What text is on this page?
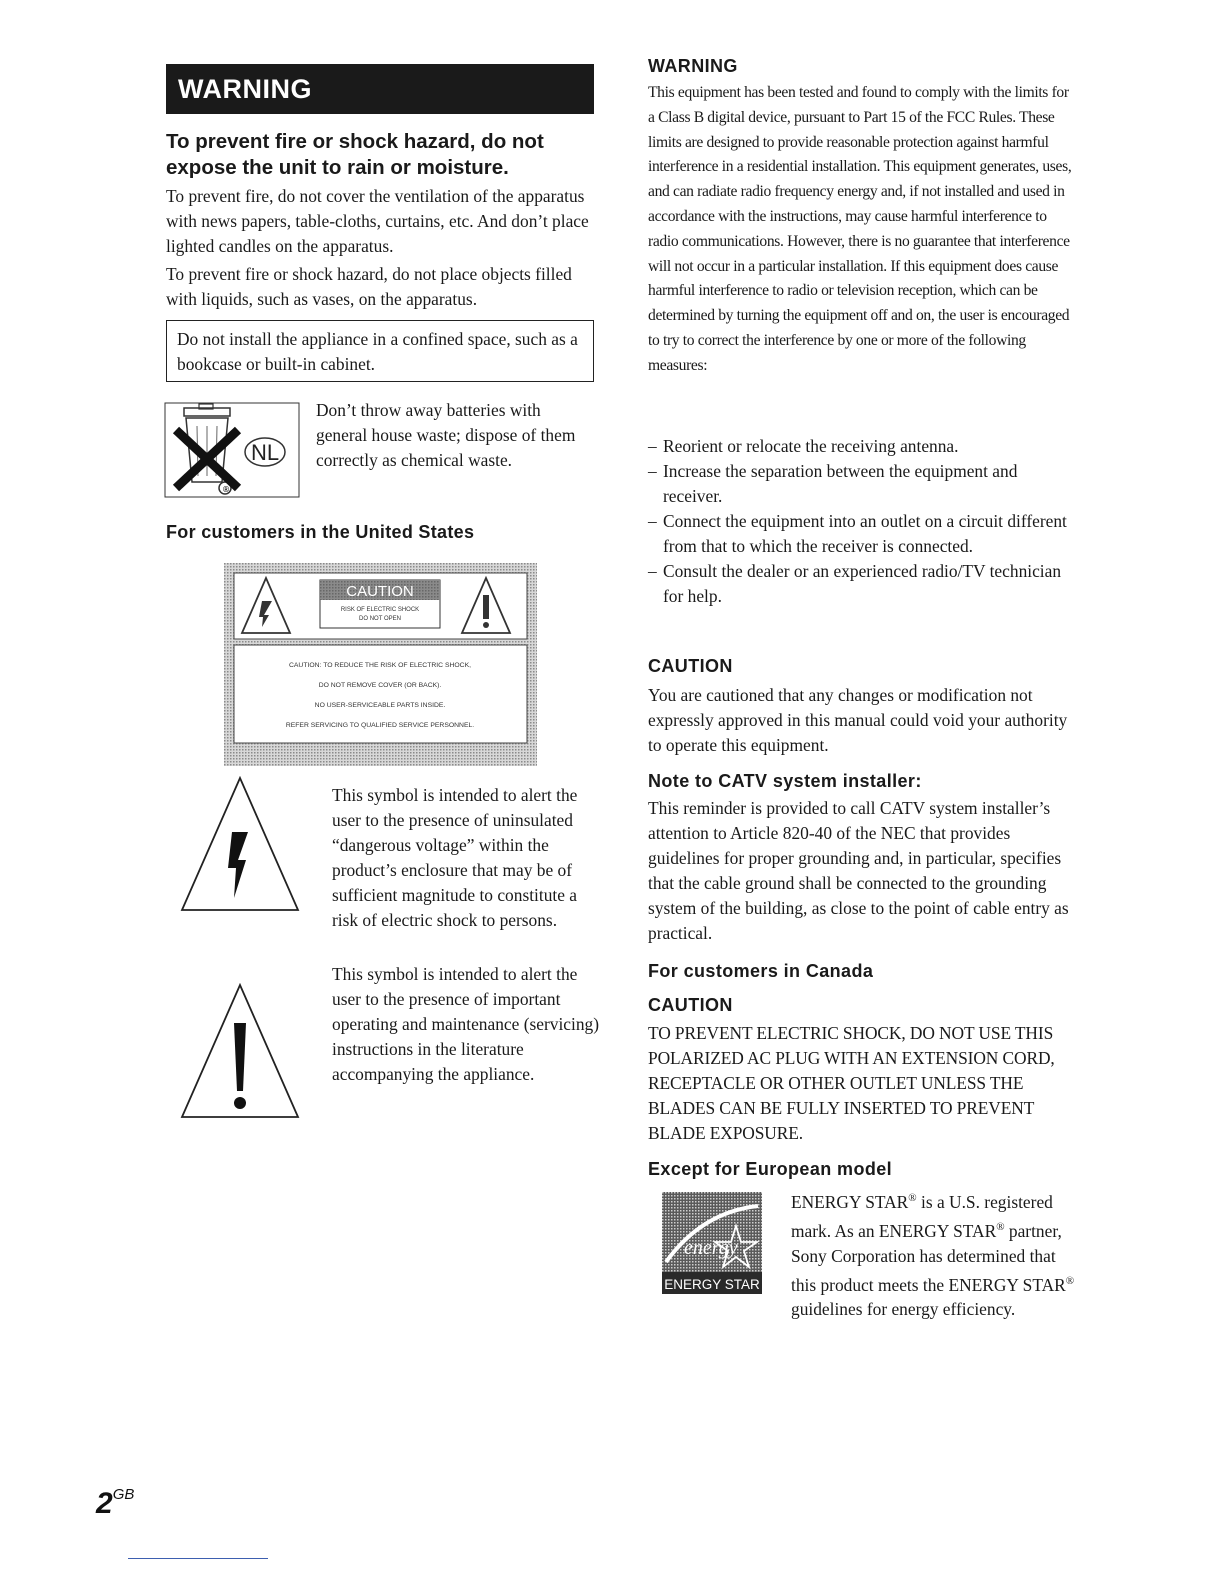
WARNING

To prevent fire or shock hazard, do not expose the unit to rain or moisture.

To prevent fire, do not cover the ventilation of the apparatus with news papers, table-cloths, curtains, etc. And don’t place lighted candles on the apparatus.

To prevent fire or shock hazard, do not place objects filled with liquids, such as vases, on the apparatus.

Do not install the appliance in a confined space, such as a bookcase or built-in cabinet.
®
NL

Don’t throw away batteries with general house waste; dispose of them correctly as chemical waste.

For customers in the United States

CAUTION
RISK OF ELECTRIC SHOCK
DO NOT OPEN
CAUTION: TO REDUCE THE RISK OF ELECTRIC SHOCK,
DO NOT REMOVE COVER (OR BACK).
NO USER-SERVICEABLE PARTS INSIDE.
REFER SERVICING TO QUALIFIED SERVICE PERSONNEL.

This symbol is intended to alert the user to the presence of uninsulated “dangerous voltage” within the product’s enclosure that may be of sufficient magnitude to constitute a risk of electric shock to persons.

This symbol is intended to alert the user to the presence of important operating and maintenance (servicing) instructions in the literature accompanying the appliance.

$2^{GB}$

WARNING

This equipment has been tested and found to comply with the limits for a Class B digital device, pursuant to Part 15 of the FCC Rules. These limits are designed to provide reasonable protection against harmful interference in a residential installation. This equipment generates, uses, and can radiate radio frequency energy and, if not installed and used in accordance with the instructions, may cause harmful interference to radio communications. However, there is no guarantee that interference will not occur in a particular installation. If this equipment does cause harmful interference to radio or television reception, which can be determined by turning the equipment off and on, the user is encouraged to try to correct the interference by one or more of the following measures:

– Reorient or relocate the receiving antenna.
– Increase the separation between the equipment and receiver.
– Connect the equipment into an outlet on a circuit different from that to which the receiver is connected.
– Consult the dealer or an experienced radio/TV technician for help.

CAUTION

You are cautioned that any changes or modification not expressly approved in this manual could void your authority to operate this equipment.

Note to CATV system installer:

This reminder is provided to call CATV system installer’s attention to Article 820-40 of the NEC that provides guidelines for proper grounding and, in particular, specifies that the cable ground shall be connected to the grounding system of the building, as close to the point of cable entry as practical.

For customers in Canada

CAUTION

TO PREVENT ELECTRIC SHOCK, DO NOT USE THIS POLARIZED AC PLUG WITH AN EXTENSION CORD, RECEPTACLE OR OTHER OUTLET UNLESS THE BLADES CAN BE FULLY INSERTED TO PREVENT BLADE EXPOSURE.

Except for European model

energy
ENERGY STAR

ENERGY STAR® is a U.S. registered mark. As an ENERGY STAR® partner, Sony Corporation has determined that this product meets the ENERGY STAR® guidelines for energy efficiency.
